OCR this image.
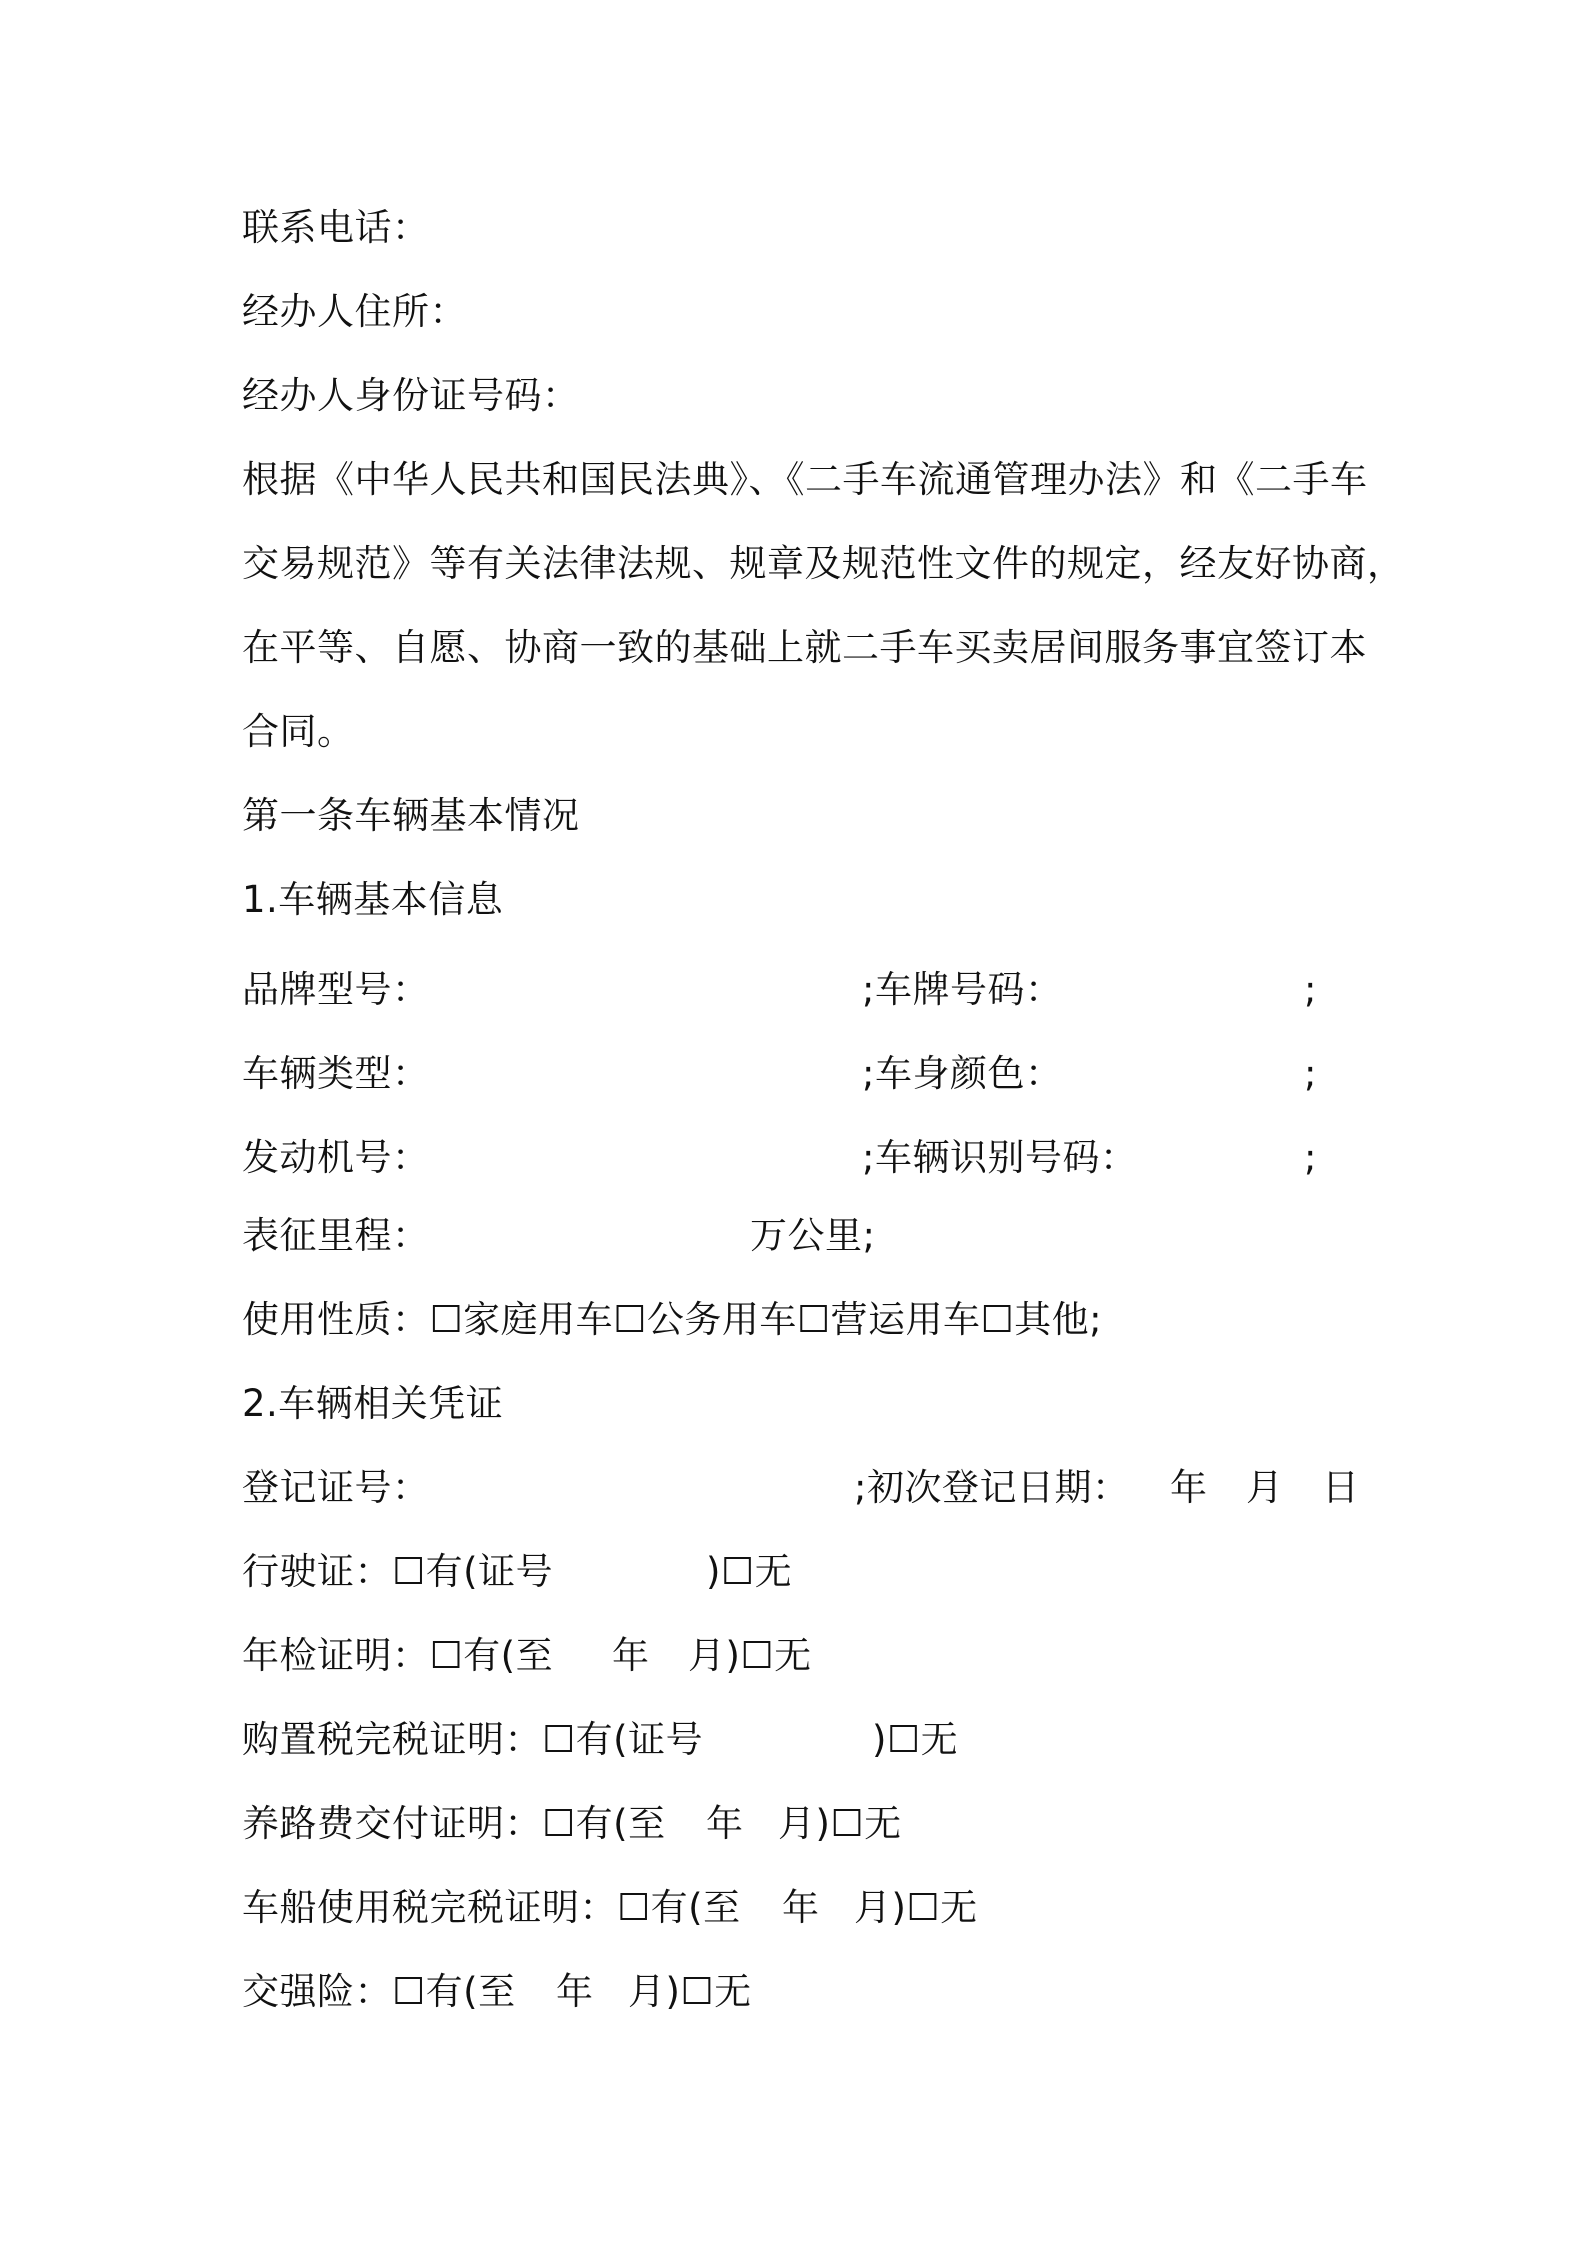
联系电话：
经办人住所：
经办人身份证号码：
根据《中华人民共和国民法典》、《二手车流通管理办法》和《二手车
交易规范》等有关法律法规、规章及规范性文件的规定，经友好协商，
在平等、自愿、协商一致的基础上就二手车买卖居间服务事宜签订本
合同。
第一条车辆基本情况
1.车辆基本信息
品牌型号：	;车牌号码：	;
车辆类型：	;车身颜色：	;
发动机号：	;车辆识别号码：	;
表征里程：	万公里;
使用性质：☐家庭用车☐公务用车☐营运用车☐其他;
2.车辆相关凭证
登记证号：	;初次登记日期： 年 月 日
行驶证：☐有(证号	)☐无
年检证明：☐有(至 年 月)☐无
购置税完税证明：☐有(证号	)☐无
养路费交付证明：☐有(至 年 月)☐无
车船使用税完税证明：☐有(至 年 月)☐无
交强险：☐有(至 年 月)☐无
